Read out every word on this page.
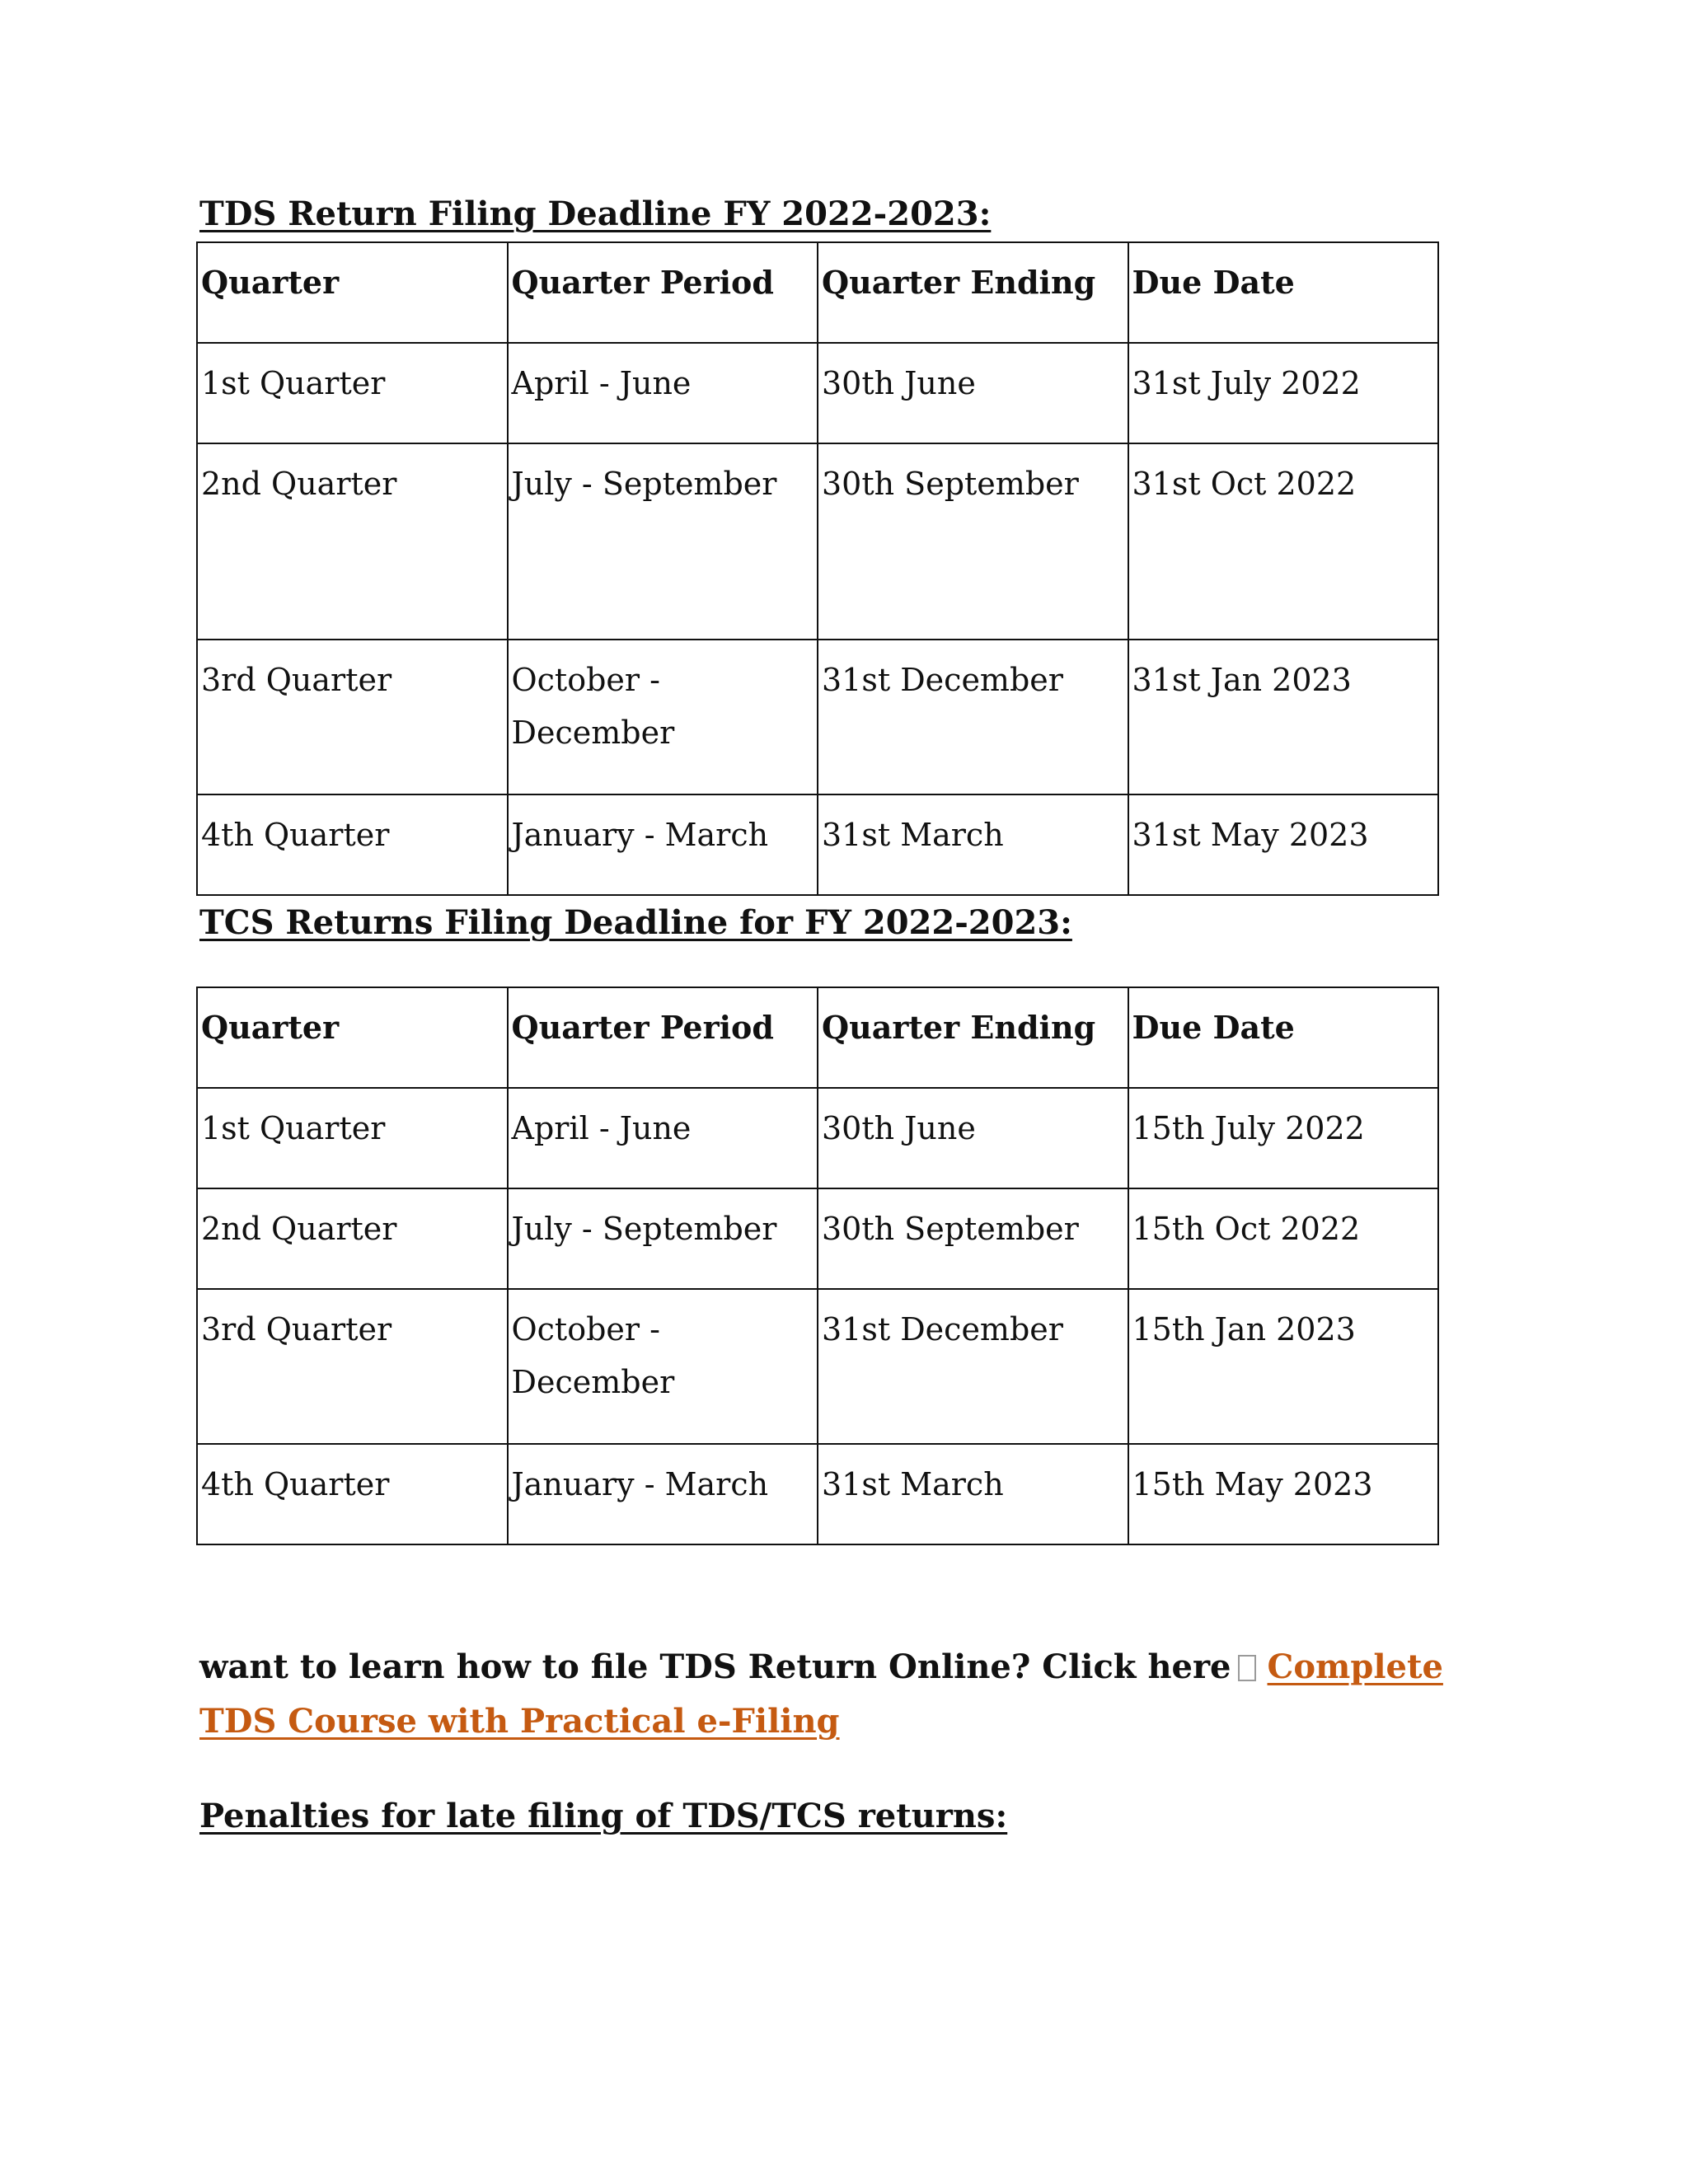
TDS Return Filing Deadline FY 2022-2023:
Quarter	Quarter Period	Quarter Ending	Due Date
1st Quarter	April - June	30th June	31st July 2022
2nd Quarter	July - September	30th September	31st Oct 2022
3rd Quarter	October - December	31st December	31st Jan 2023
4th Quarter	January - March	31st March	31st May 2023
TCS Returns Filing Deadline for FY 2022-2023:
Quarter	Quarter Period	Quarter Ending	Due Date
1st Quarter	April - June	30th June	15th July 2022
2nd Quarter	July - September	30th September	15th Oct 2022
3rd Quarter	October - December	31st December	15th Jan 2023
4th Quarter	January - March	31st March	15th May 2023
want to learn how to file TDS Return Online? Click here Complete TDS Course with Practical e-Filing
Penalties for late filing of TDS/TCS returns:
